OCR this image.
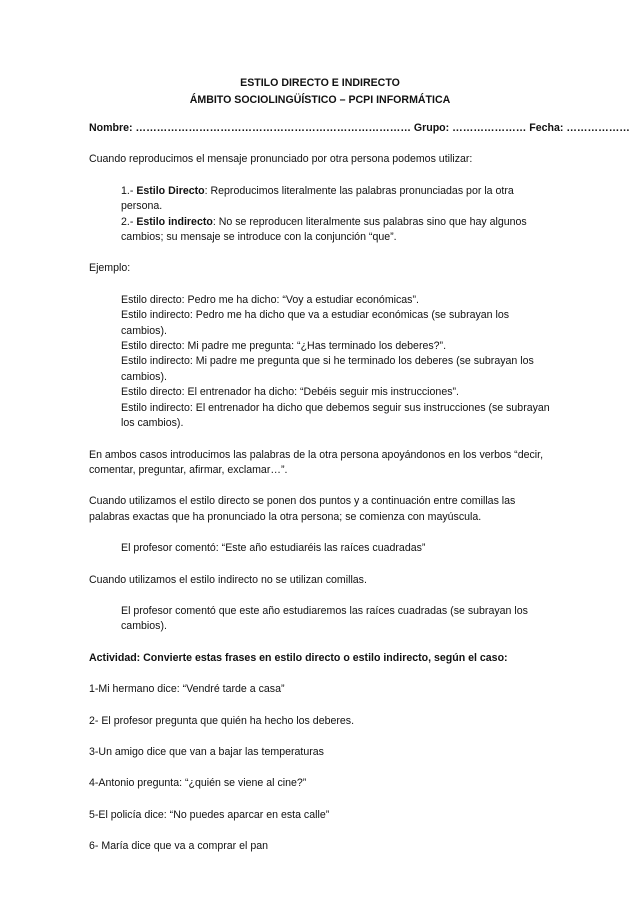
ESTILO DIRECTO E INDIRECTO

ÁMBITO SOCIOLINGÜÍSTICO – PCPI INFORMÁTICA

Nombre: …………………………………………………………………… Grupo: ………………… Fecha: ………………

Cuando reproducimos el mensaje pronunciado por otra persona podemos utilizar:

1.- Estilo Directo: Reproducimos literalmente las palabras pronunciadas por la otra persona.

2.- Estilo indirecto: No se reproducen literalmente sus palabras sino que hay algunos cambios; su mensaje se introduce con la conjunción “que”.

Ejemplo:

Estilo directo: Pedro me ha dicho: “Voy a estudiar económicas”.

Estilo indirecto: Pedro me ha dicho que va a estudiar económicas (se subrayan los cambios).

Estilo directo: Mi padre me pregunta: “¿Has terminado los deberes?”.

Estilo indirecto: Mi padre me pregunta que si he terminado los deberes (se subrayan los cambios).

Estilo directo: El entrenador ha dicho: “Debéis seguir mis instrucciones”.

Estilo indirecto: El entrenador ha dicho que debemos seguir sus instrucciones (se subrayan los cambios).

En ambos casos introducimos las palabras de la otra persona apoyándonos en los verbos “decir, comentar, preguntar, afirmar, exclamar…”.

Cuando utilizamos el estilo directo se ponen dos puntos y a continuación entre comillas las palabras exactas que ha pronunciado la otra persona; se comienza con mayúscula.

El profesor comentó: “Este año estudiaréis las raíces cuadradas”

Cuando utilizamos el estilo indirecto no se utilizan comillas.

El profesor comentó que este año estudiaremos las raíces cuadradas (se subrayan los cambios).

Actividad: Convierte estas frases en estilo directo o estilo indirecto, según el caso:

1-Mi hermano dice: “Vendré tarde a casa”

2- El profesor pregunta que quién ha hecho los deberes.

3-Un amigo dice que van a bajar las temperaturas

4-Antonio pregunta: “¿quién se viene al cine?”

5-El policía dice: “No puedes aparcar en esta calle”

6- María dice que va a comprar el pan
